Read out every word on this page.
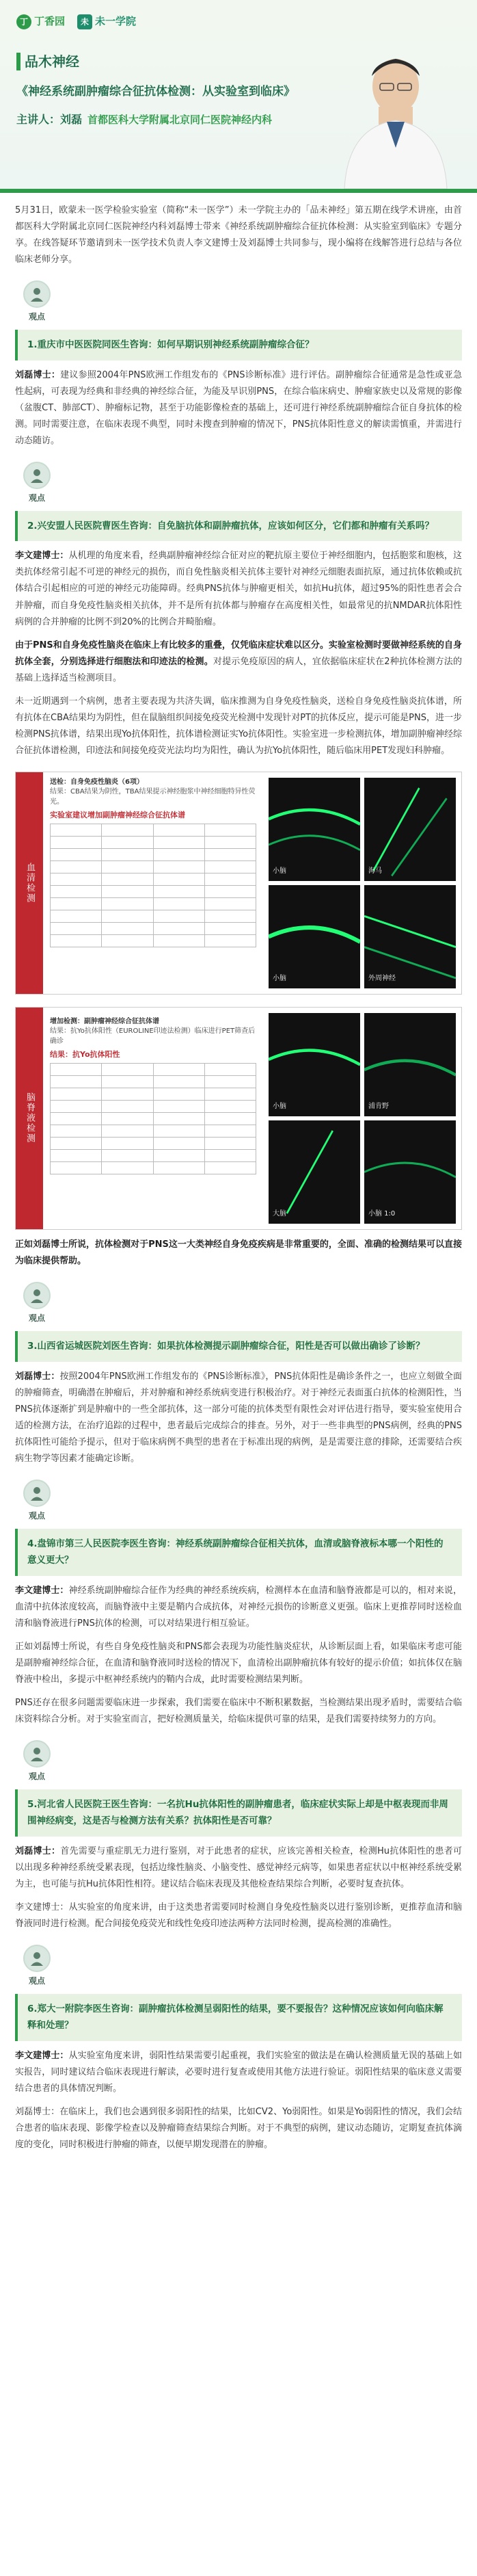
丁 丁香园	未 未一学院
品木神经
《神经系统副肿瘤综合征抗体检测：从实验室到临床》
主讲人：刘磊 首都医科大学附属北京同仁医院神经内科

5月31日，欧蒙未一医学检验实验室（简称“未一医学”）未一学院主办的「品未神经」第五期在线学术讲座，由首都医科大学附属北京同仁医院神经内科刘磊博士带来《神经系统副肿瘤综合征抗体检测：从实验室到临床》专题分享。在线答疑环节邀请到未一医学技术负责人李文建博士及刘磊博士共同参与，现小编将在线解答进行总结与各位临床老师分享。

观点
1.重庆市中医医院同医生咨询：如何早期识别神经系统副肿瘤综合征？

刘磊博士：建议参照2004年PNS欧洲工作组发布的《PNS诊断标准》进行评估。副肿瘤综合征通常是急性或亚急性起病，可表现为经典和非经典的神经综合征，为能及早识别PNS，在综合临床病史、肿瘤家族史以及常规的影像（盆腹CT、肺部CT）、肿瘤标记物，甚至于功能影像检查的基础上，还可进行神经系统副肿瘤综合征自身抗体的检测。同时需要注意，在临床表现不典型，同时未搜查到肿瘤的情况下，PNS抗体阳性意义的解读需慎重，并需进行动态随访。

观点
2.兴安盟人民医院曹医生咨询：自免脑抗体和副肿瘤抗体，应该如何区分，它们都和肿瘤有关系吗？

李文建博士：从机理的角度来看，经典副肿瘤神经综合征对应的靶抗原主要位于神经细胞内，包括胞浆和胞核，这类抗体经常引起不可逆的神经元的损伤，而自免性脑炎相关抗体主要针对神经元细胞表面抗原，通过抗体依赖或抗体结合引起相应的可逆的神经元功能障碍。经典PNS抗体与肿瘤更相关，如抗Hu抗体，超过95%的阳性患者会合并肿瘤，而自身免疫性脑炎相关抗体，并不是所有抗体都与肿瘤存在高度相关性，如最常见的抗NMDAR抗体阳性病例的合并肿瘤的比例不到20%的比例合并畸胎瘤。

由于PNS和自身免疫性脑炎在临床上有比较多的重叠，仅凭临床症状难以区分。实验室检测时要做神经系统的自身抗体全套，分别选择进行细胞法和印迹法的检测。对提示免疫原因的病人，宜依据临床症状在2种抗体检测方法的基础上选择适当检测项目。

未一近期遇到一个病例，患者主要表现为共济失调，临床推测为自身免疫性脑炎，送检自身免疫性脑炎抗体谱，所有抗体在CBA结果均为阴性，但在鼠脑组织间接免疫荧光检测中发现针对PT的抗体反应，提示可能是PNS，进一步检测PNS抗体谱，结果出现Yo抗体阳性，抗体谱检测证实Yo抗体阳性。实验室进一步检测抗体，增加副肿瘤神经综合征抗体谱检测，印迹法和间接免疫荧光法均均为阳性，确认为抗Yo抗体阳性，随后临床用PET发现妇科肿瘤。

血清检测
送检：自身免疫性脑炎（6项）
结果：CBA结果为阴性，TBA结果提示神经胞浆中神经细胞特异性荧光。
实验室建议增加副肿瘤神经综合征抗体谱

小脑	海马
小脑	外周神经
脑脊液检测
增加检测：副肿瘤神经综合征抗体谱
结果：抗Yo抗体阳性（EUROLINE印迹法检测）临床进行PET筛查后确诊
结果：抗Yo抗体阳性

小脑	浦肯野
大脑	小脑 1:0

正如刘磊博士所说，抗体检测对于PNS这一大类神经自身免疫疾病是非常重要的，全面、准确的检测结果可以直接为临床提供帮助。

观点
3.山西省运城医院刘医生咨询：如果抗体检测提示副肿瘤综合征，阳性是否可以做出确诊了诊断？

刘磊博士：按照2004年PNS欧洲工作组发布的《PNS诊断标准》，PNS抗体阳性是确诊条件之一，也应立刻做全面的肿瘤筛查，明确潜在肿瘤后，并对肿瘤和神经系统病变进行积极治疗。对于神经元表面蛋白抗体的检测阳性，当PNS抗体逐渐扩到是肿瘤中的一些全部抗体，这一部分可能的抗体类型有限性会对评估进行指导，要实验室使用合适的检测方法，在治疗追踪的过程中，患者最后完成综合的排查。另外，对于一些非典型的PNS病例，经典的PNS抗体阳性可能给予提示，但对于临床病例不典型的患者在于标准出现的病例，是是需要注意的排除，还需要结合疾病生物学等因素才能确定诊断。

观点
4.盘锦市第三人民医院李医生咨询：神经系统副肿瘤综合征相关抗体，血清或脑脊液标本哪一个阳性的意义更大？

李文建博士：神经系统副肿瘤综合征作为经典的神经系统疾病，检测样本在血清和脑脊液都是可以的，相对来说，血清中抗体浓度较高，而脑脊液中主要是鞘内合成抗体，对神经元损伤的诊断意义更强。临床上更推荐同时送检血清和脑脊液进行PNS抗体的检测，可以对结果进行相互验证。

正如刘磊博士所说，有些自身免疫性脑炎和PNS都会表现为功能性脑炎症状，从诊断层面上看，如果临床考虑可能是副肿瘤神经综合征，在血清和脑脊液同时送检的情况下，血清检出副肿瘤抗体有较好的提示价值；如抗体仅在脑脊液中检出，多提示中枢神经系统内的鞘内合成，此时需要检测结果判断。

PNS还存在很多问题需要临床进一步探索，我们需要在临床中不断积累数据，当检测结果出现矛盾时，需要结合临床资料综合分析。对于实验室而言，把好检测质量关，给临床提供可靠的结果，是我们需要持续努力的方向。

观点
5.河北省人民医院王医生咨询：一名抗Hu抗体阳性的副肿瘤患者，临床症状实际上却是中枢表现而非周围神经病变，这是否与检测方法有关系？抗体阳性是否可靠？

刘磊博士：首先需要与重症肌无力进行鉴别，对于此患者的症状，应该完善相关检查，检测Hu抗体阳性的患者可以出现多种神经系统受累表现，包括边缘性脑炎、小脑变性、感觉神经元病等，如果患者症状以中枢神经系统受累为主，也可能与抗Hu抗体阳性相符。建议结合临床表现及其他检查结果综合判断，必要时复查抗体。

李文建博士：从实验室的角度来讲，由于这类患者需要同时检测自身免疫性脑炎以进行鉴别诊断，更推荐血清和脑脊液同时进行检测。配合间接免疫荧光和线性免疫印迹法两种方法同时检测，提高检测的准确性。

观点
6.郑大一附院李医生咨询：副肿瘤抗体检测呈弱阳性的结果，要不要报告？这种情况应该如何向临床解释和处理？

李文建博士：从实验室角度来讲，弱阳性结果需要引起重视，我们实验室的做法是在确认检测质量无误的基础上如实报告，同时建议结合临床表现进行解读，必要时进行复查或使用其他方法进行验证。弱阳性结果的临床意义需要结合患者的具体情况判断。

刘磊博士：在临床上，我们也会遇到很多弱阳性的结果，比如CV2、Yo弱阳性。如果是Yo弱阳性的情况，我们会结合患者的临床表现、影像学检查以及肿瘤筛查结果综合判断。对于不典型的病例，建议动态随访，定期复查抗体滴度的变化，同时积极进行肿瘤的筛查，以便早期发现潜在的肿瘤。
